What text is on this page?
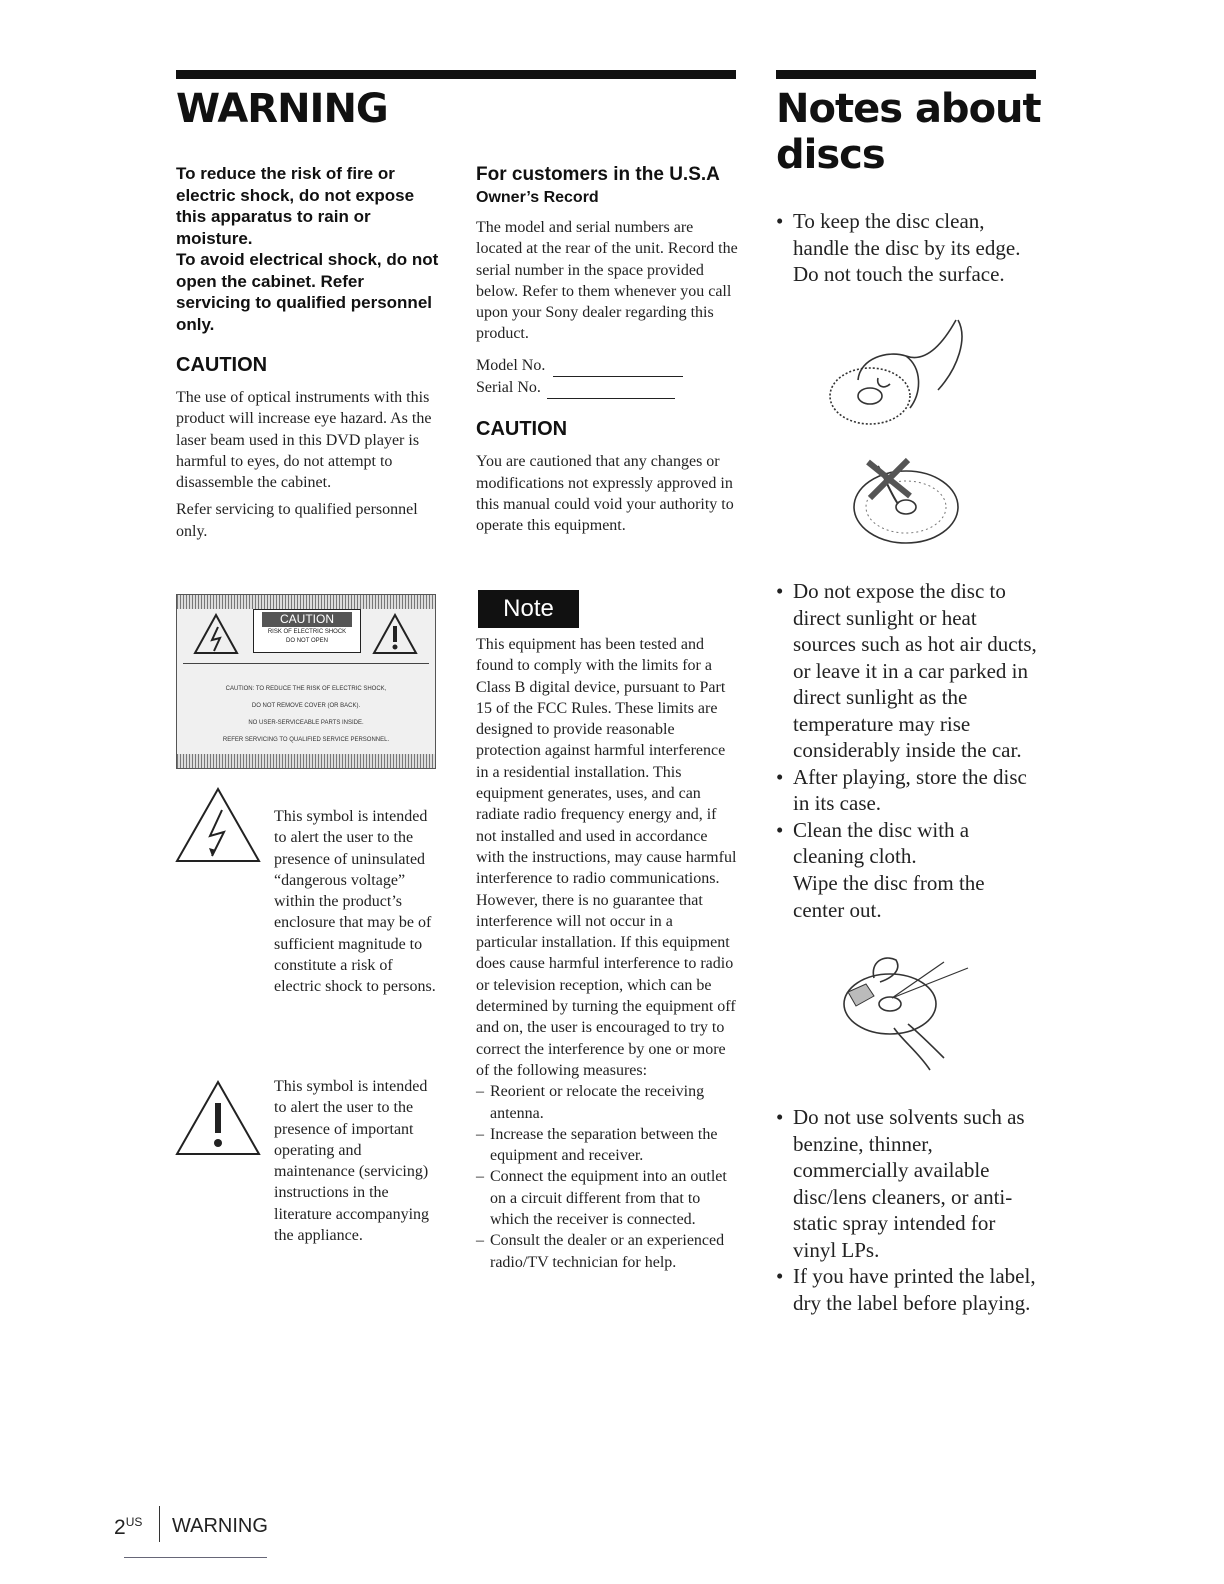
WARNING

To reduce the risk of fire or electric shock, do not expose this apparatus to rain or moisture.

To avoid electrical shock, do not open the cabinet. Refer servicing to qualified personnel only.

CAUTION

The use of optical instruments with this product will increase eye hazard. As the laser beam used in this DVD player is harmful to eyes, do not attempt to disassemble the cabinet.

Refer servicing to qualified personnel only.

CAUTION
RISK OF ELECTRIC SHOCK
DO NOT OPEN
CAUTION: TO REDUCE THE RISK OF ELECTRIC SHOCK,
DO NOT REMOVE COVER (OR BACK).
NO USER-SERVICEABLE PARTS INSIDE.
REFER SERVICING TO QUALIFIED SERVICE PERSONNEL.

This symbol is intended to alert the user to the presence of uninsulated “dangerous voltage” within the product’s enclosure that may be of sufficient magnitude to constitute a risk of electric shock to persons.

This symbol is intended to alert the user to the presence of important operating and maintenance (servicing) instructions in the literature accompanying the appliance.

For customers in the U.S.A

Owner’s Record

The model and serial numbers are located at the rear of the unit. Record the serial number in the space provided below. Refer to them whenever you call upon your Sony dealer regarding this product.

Model No.

Serial No.

CAUTION

You are cautioned that any changes or modifications not expressly approved in this manual could void your authority to operate this equipment.

Note

This equipment has been tested and found to comply with the limits for a Class B digital device, pursuant to Part 15 of the FCC Rules. These limits are designed to provide reasonable protection against harmful interference in a residential installation. This equipment generates, uses, and can radiate radio frequency energy and, if not installed and used in accordance with the instructions, may cause harmful interference to radio communications. However, there is no guarantee that interference will not occur in a particular installation. If this equipment does cause harmful interference to radio or television reception, which can be determined by turning the equipment off and on, the user is encouraged to try to correct the interference by one or more of the following measures:

– Reorient or relocate the receiving antenna.
– Increase the separation between the equipment and receiver.
– Connect the equipment into an outlet on a circuit different from that to which the receiver is connected.
– Consult the dealer or an experienced radio/TV technician for help.
Notes about
discs
• To keep the disc clean, handle the disc by its edge. Do not touch the surface.
• Do not expose the disc to direct sunlight or heat sources such as hot air ducts, or leave it in a car parked in direct sunlight as the temperature may rise considerably inside the car.
• After playing, store the disc in its case.
• Clean the disc with a cleaning cloth.

Wipe the disc from the center out.

• Do not use solvents such as benzine, thinner, commercially available disc/lens cleaners, or anti-static spray intended for vinyl LPs.
• If you have printed the label, dry the label before playing.
$2^{US}$ WARNING
